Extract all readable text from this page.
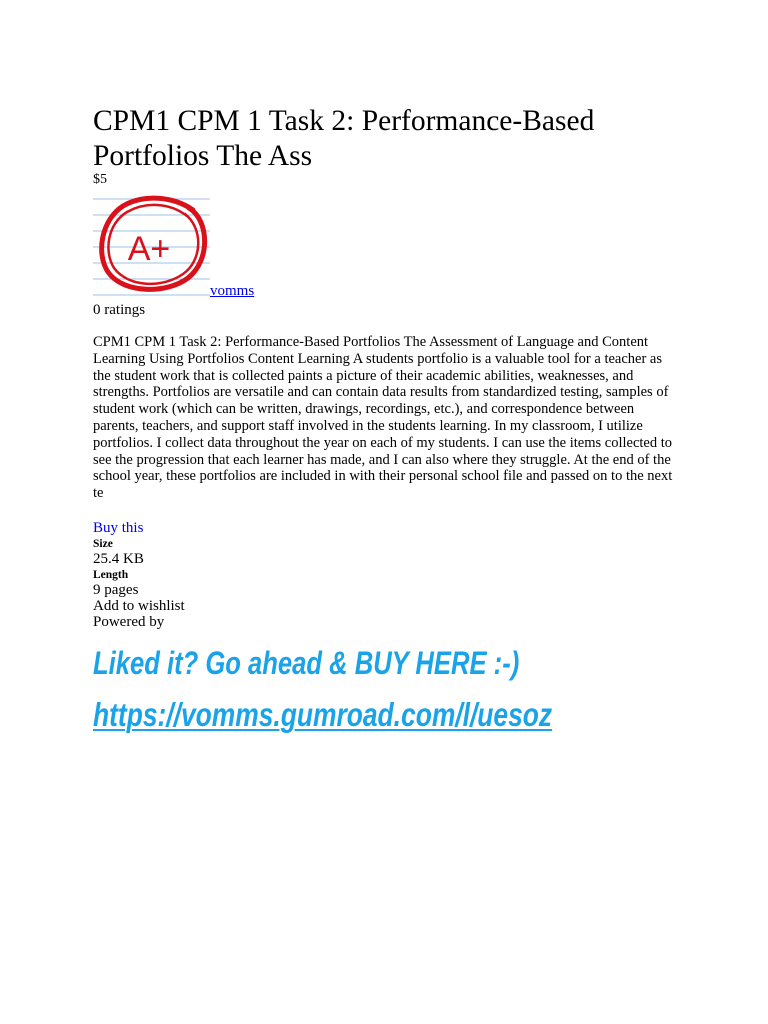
CPM1 CPM 1 Task 2: Performance-Based
Portfolios The Ass
$5
A+
vomms
0 ratings

CPM1 CPM 1 Task 2: Performance-Based Portfolios The Assessment of Language and Content Learning Using Portfolios Content Learning A students portfolio is a valuable tool for a teacher as the student work that is collected paints a picture of their academic abilities, weaknesses, and strengths. Portfolios are versatile and can contain data results from standardized testing, samples of student work (which can be written, drawings, recordings, etc.), and correspondence between parents, teachers, and support staff involved in the students learning. In my classroom, I utilize portfolios. I collect data throughout the year on each of my students. I can use the items collected to see the progression that each learner has made, and I can also where they struggle. At the end of the school year, these portfolios are included in with their personal school file and passed on to the next te

Buy this
Size
25.4 KB
Length
9 pages
Add to wishlist
Powered by
Liked it? Go ahead & BUY HERE :-)
https://vomms.gumroad.com/l/uesoz
